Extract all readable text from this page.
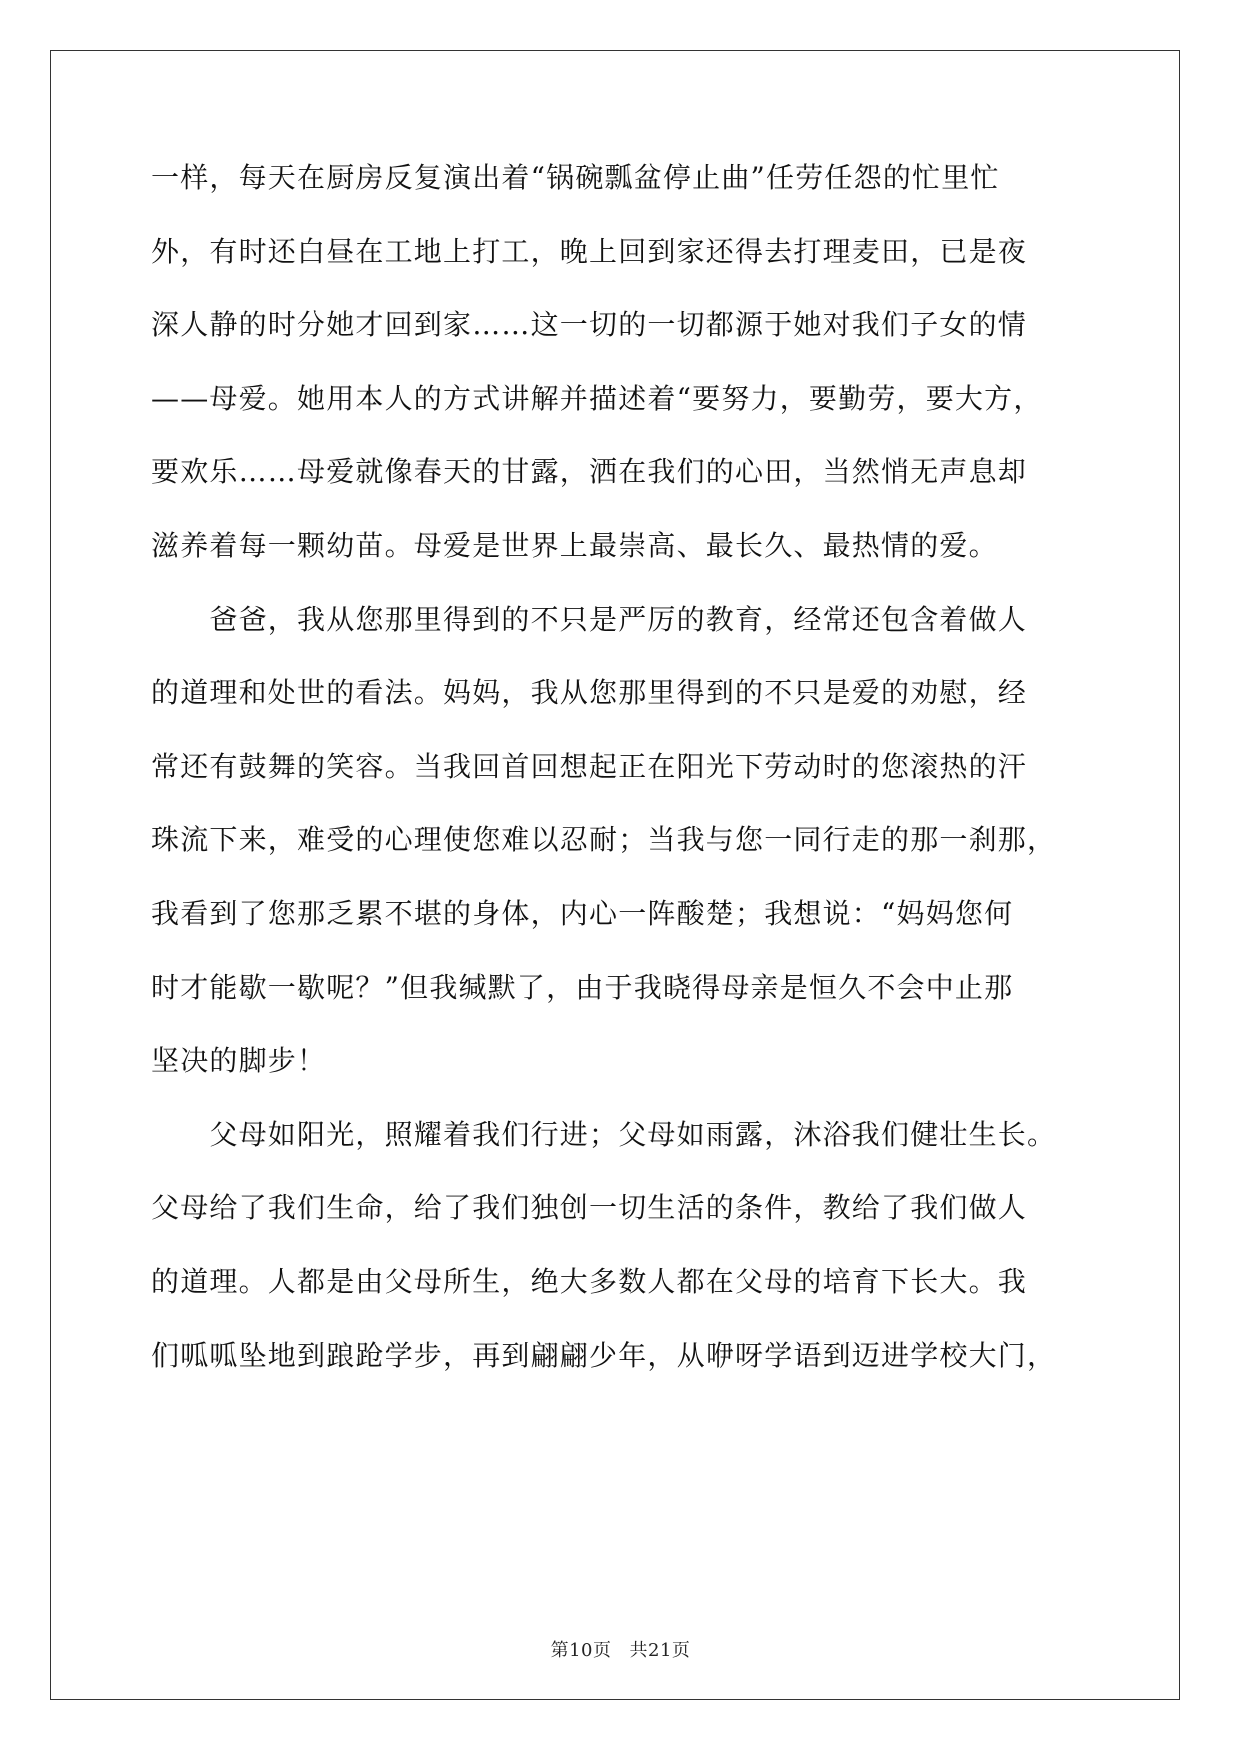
一样，每天在厨房反复演出着“锅碗瓢盆停止曲”任劳任怨的忙里忙
外，有时还白昼在工地上打工，晚上回到家还得去打理麦田，已是夜
深人静的时分她才回到家……这一切的一切都源于她对我们子女的情
——母爱。她用本人的方式讲解并描述着“要努力，要勤劳，要大方，
要欢乐……母爱就像春天的甘露，洒在我们的心田，当然悄无声息却
滋养着每一颗幼苗。母爱是世界上最崇高、最长久、最热情的爱。
　　爸爸，我从您那里得到的不只是严厉的教育，经常还包含着做人
的道理和处世的看法。妈妈，我从您那里得到的不只是爱的劝慰，经
常还有鼓舞的笑容。当我回首回想起正在阳光下劳动时的您滚热的汗
珠流下来，难受的心理使您难以忍耐；当我与您一同行走的那一刹那，
我看到了您那乏累不堪的身体，内心一阵酸楚；我想说：“妈妈您何
时才能歇一歇呢？”但我缄默了，由于我晓得母亲是恒久不会中止那
坚决的脚步！
　　父母如阳光，照耀着我们行进；父母如雨露，沐浴我们健壮生长。
父母给了我们生命，给了我们独创一切生活的条件，教给了我们做人
的道理。人都是由父母所生，绝大多数人都在父母的培育下长大。我
们呱呱坠地到踉跄学步，再到翩翩少年，从咿呀学语到迈进学校大门，
第10页 共21页
